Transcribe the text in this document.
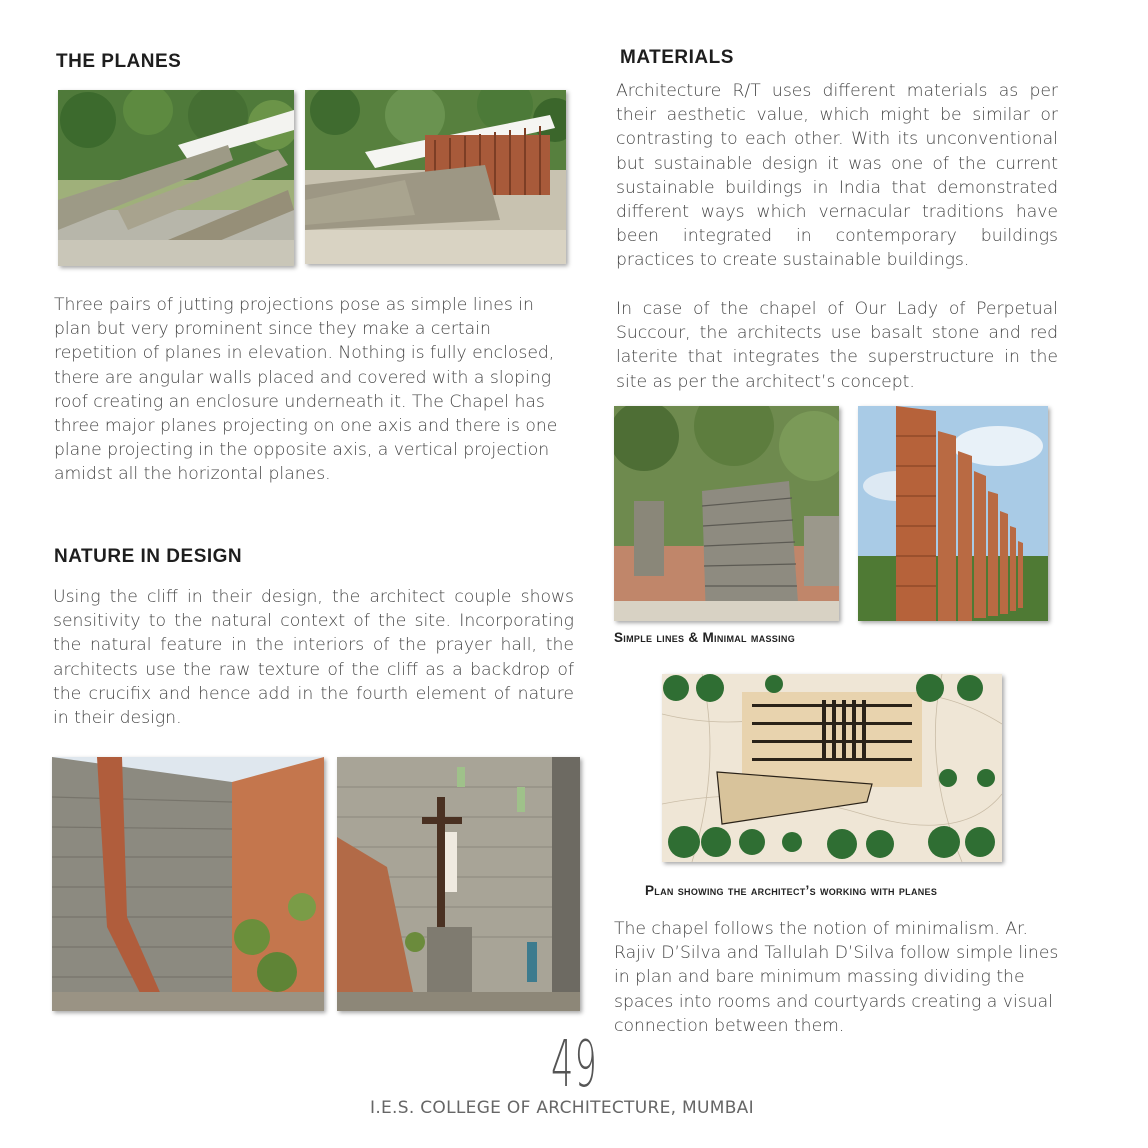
THE PLANES
Three pairs of jutting projections pose as simple lines in plan but very prominent since they make a certain repetition of planes in elevation. Nothing is fully enclosed, there are angular walls placed and covered with a sloping roof creating an enclosure underneath it. The Chapel has three major planes projecting on one axis and there is one plane projecting in the opposite axis, a vertical projection amidst all the horizontal planes.
NATURE IN DESIGN
Using the cliff in their design, the architect couple shows sensitivity to the natural context of the site. Incorporating the natural feature in the interiors of the prayer hall, the architects use the raw texture of the cliff as a backdrop of the crucifix and hence add in the fourth element of nature in their design.
MATERIALS
Architecture R/T uses different materials as per their aesthetic value, which might be similar or contrasting to each other. With its unconventional but sustainable design it was one of the current sustainable buildings in India that demonstrated different ways which vernacular traditions have been integrated in contemporary buildings practices to create sustainable buildings.
In case of the chapel of Our Lady of Perpetual Succour, the architects use basalt stone and red laterite that integrates the superstructure in the site as per the architect’s concept.
Simple lines & Minimal massing
Plan showing the architect’s working with planes
The chapel follows the notion of minimalism. Ar. Rajiv D’Silva and Tallulah D’Silva follow simple lines in plan and bare minimum massing dividing the spaces into rooms and courtyards creating a visual connection between them.
49
I.E.S. COLLEGE OF ARCHITECTURE, MUMBAI
